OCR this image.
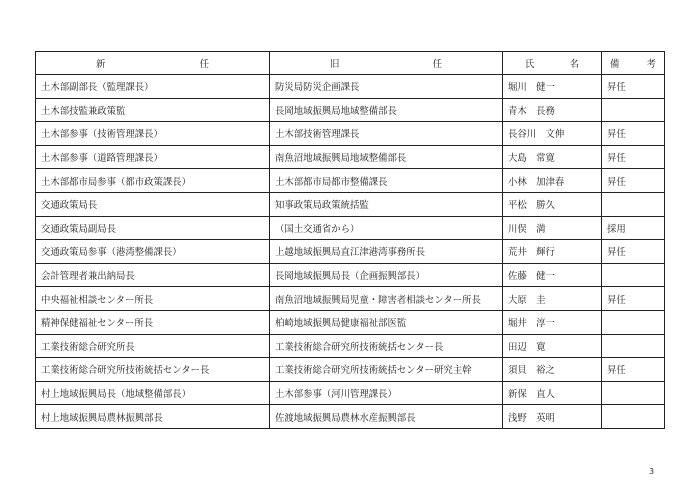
新 任	旧 任	氏 名	備 考

土木部副部長（監理課長）	防災局防災企画課長	堀川　健一	昇任
土木部技監兼政策監	長岡地域振興局地域整備部長	青木　長務	
土木部参事（技術管理課長）	土木部技術管理課長	長谷川　文伸	昇任
土木部参事（道路管理課長）	南魚沼地域振興局地域整備部長	大島　常寛	昇任
土木部都市局参事（都市政策課長）	土木部都市局都市整備課長	小林　加津春	昇任
交通政策局長	知事政策局政策統括監	平松　勝久	
交通政策局副局長	（国土交通省から）	川俣　満	採用
交通政策局参事（港湾整備課長）	上越地域振興局直江津港湾事務所長	荒井　輝行	昇任
会計管理者兼出納局長	長岡地域振興局長（企画振興部長）	佐藤　健一	
中央福祉相談センター所長	南魚沼地域振興局児童・障害者相談センター所長	大原　圭	昇任
精神保健福祉センター所長	柏崎地域振興局健康福祉部医監	堀井　淳一	
工業技術総合研究所長	工業技術総合研究所技術統括センター長	田辺　寛	
工業技術総合研究所技術統括センター長	工業技術総合研究所技術統括センター研究主幹	須貝　裕之	昇任
村上地域振興局長（地域整備部長）	土木部参事（河川管理課長）	新保　直人	
村上地域振興局農林振興部長	佐渡地域振興局農林水産振興部長	浅野　英明	
3
